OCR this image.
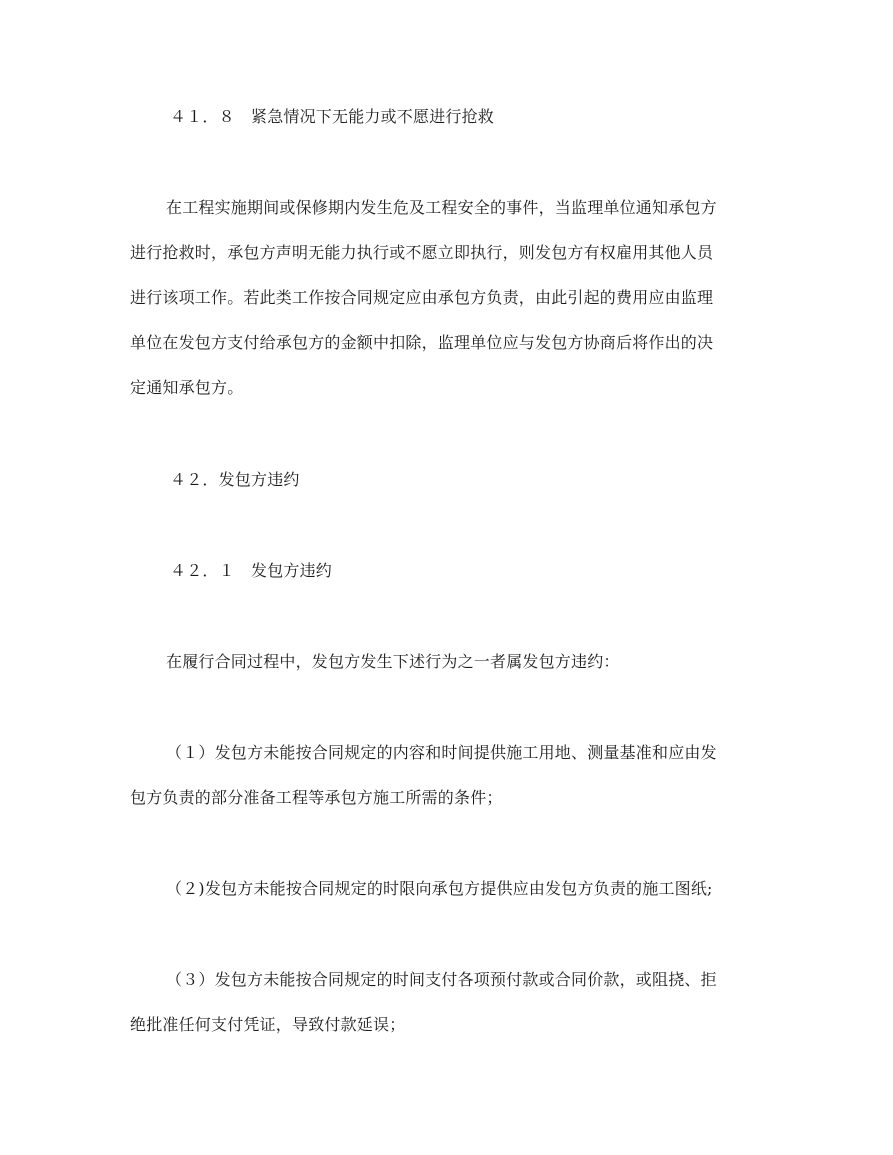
４１．８　紧急情况下无能力或不愿进行抢救
在工程实施期间或保修期内发生危及工程安全的事件，当监理单位通知承包方
进行抢救时，承包方声明无能力执行或不愿立即执行，则发包方有权雇用其他人员
进行该项工作。若此类工作按合同规定应由承包方负责，由此引起的费用应由监理
单位在发包方支付给承包方的金额中扣除，监理单位应与发包方协商后将作出的决
定通知承包方。
４２．发包方违约
４２．１　发包方违约
在履行合同过程中，发包方发生下述行为之一者属发包方违约：
（１）发包方未能按合同规定的内容和时间提供施工用地、测量基准和应由发
包方负责的部分准备工程等承包方施工所需的条件；
（２)发包方未能按合同规定的时限向承包方提供应由发包方负责的施工图纸;
（３）发包方未能按合同规定的时间支付各项预付款或合同价款，或阻挠、拒
绝批准任何支付凭证，导致付款延误；
